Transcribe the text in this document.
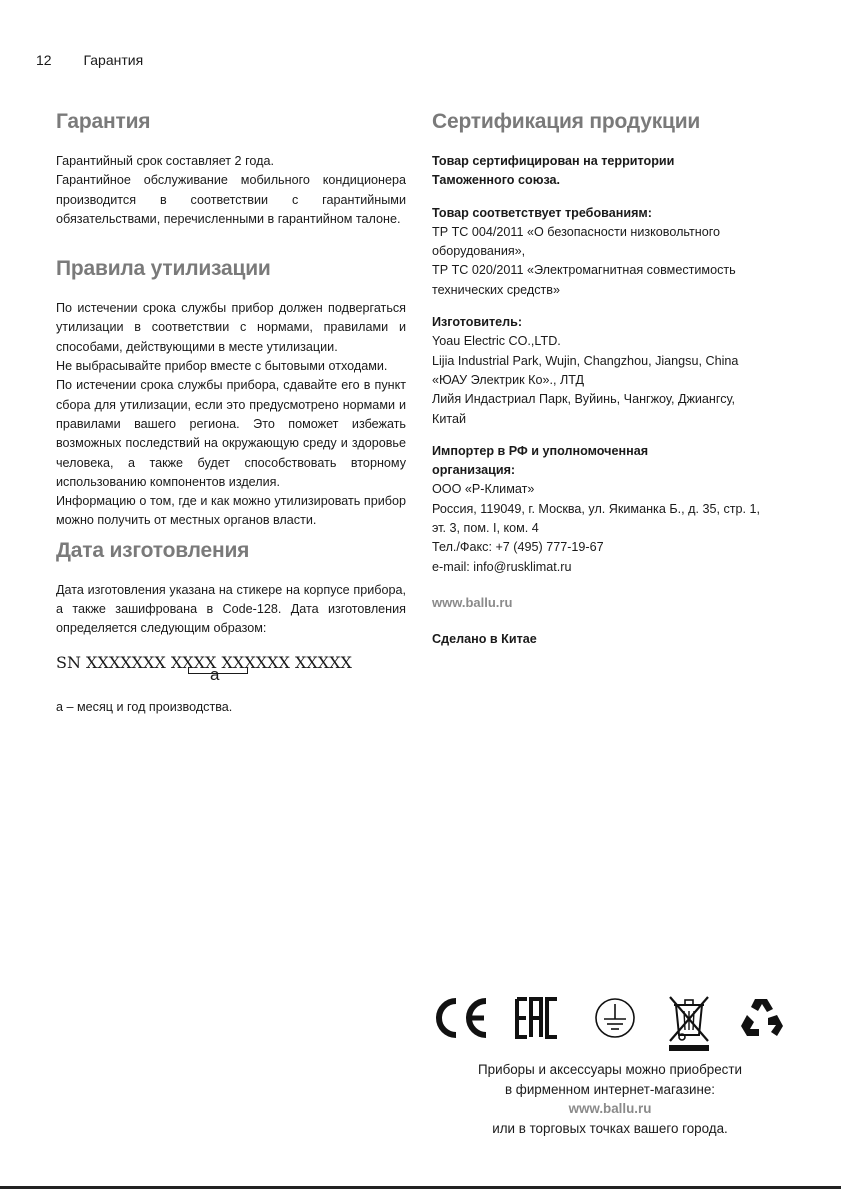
12 Гарантия
Гарантия

Гарантийный срок составляет 2 года.

Гарантийное обслуживание мобильного кондиционера производится в соответствии с гарантийными обязательствами, перечисленными в гарантийном талоне.

Правила утилизации

По истечении срока службы прибор должен подвергаться утилизации в соответствии с нормами, правилами и способами, действующими в месте утилизации.

Не выбрасывайте прибор вместе с бытовыми отходами.

По истечении срока службы прибора, сдавайте его в пункт сбора для утилизации, если это предусмотрено нормами и правилами вашего региона. Это поможет избежать возможных последствий на окружающую среду и здоровье человека, а также будет способствовать вторному использованию компонентов изделия.

Информацию о том, где и как можно утилизировать прибор можно получить от местных органов власти.

Дата изготовления

Дата изготовления указана на стикере на корпусе прибора, а также зашифрована в Code-128. Дата изготовления определяется следующим образом:

SN XXXXXXX XXXX XXXXXX XXXXX
a

а – месяц и год производства.

Сертификация продукции

Товар сертифицирован на территории

Таможенного союза.

Товар соответствует требованиям:

ТР ТС 004/2011 «О безопасности низковольтного

оборудования»,

ТР ТС 020/2011 «Электромагнитная совместимость

технических средств»

Изготовитель:

Yoau Electric CO.,LTD.

Lijia Industrial Park, Wujin, Changzhou, Jiangsu, China

«ЮАУ Электрик Ко»., ЛТД

Лийя Индастриал Парк, Вуйинь, Чангжоу, Джиангсу,

Китай

Импортер в РФ и уполномоченная

организация:

ООО «Р-Климат»

Россия, 119049, г. Москва, ул. Якиманка Б., д. 35, стр. 1,

эт. 3, пом. I, ком. 4

Тел./Факс: +7 (495) 777-19-67

e-mail: info@rusklimat.ru

www.ballu.ru

Сделано в Китае

Приборы и аксессуары можно приобрести
в фирменном интернет-магазине:
www.ballu.ru
или в торговых точках вашего города.
